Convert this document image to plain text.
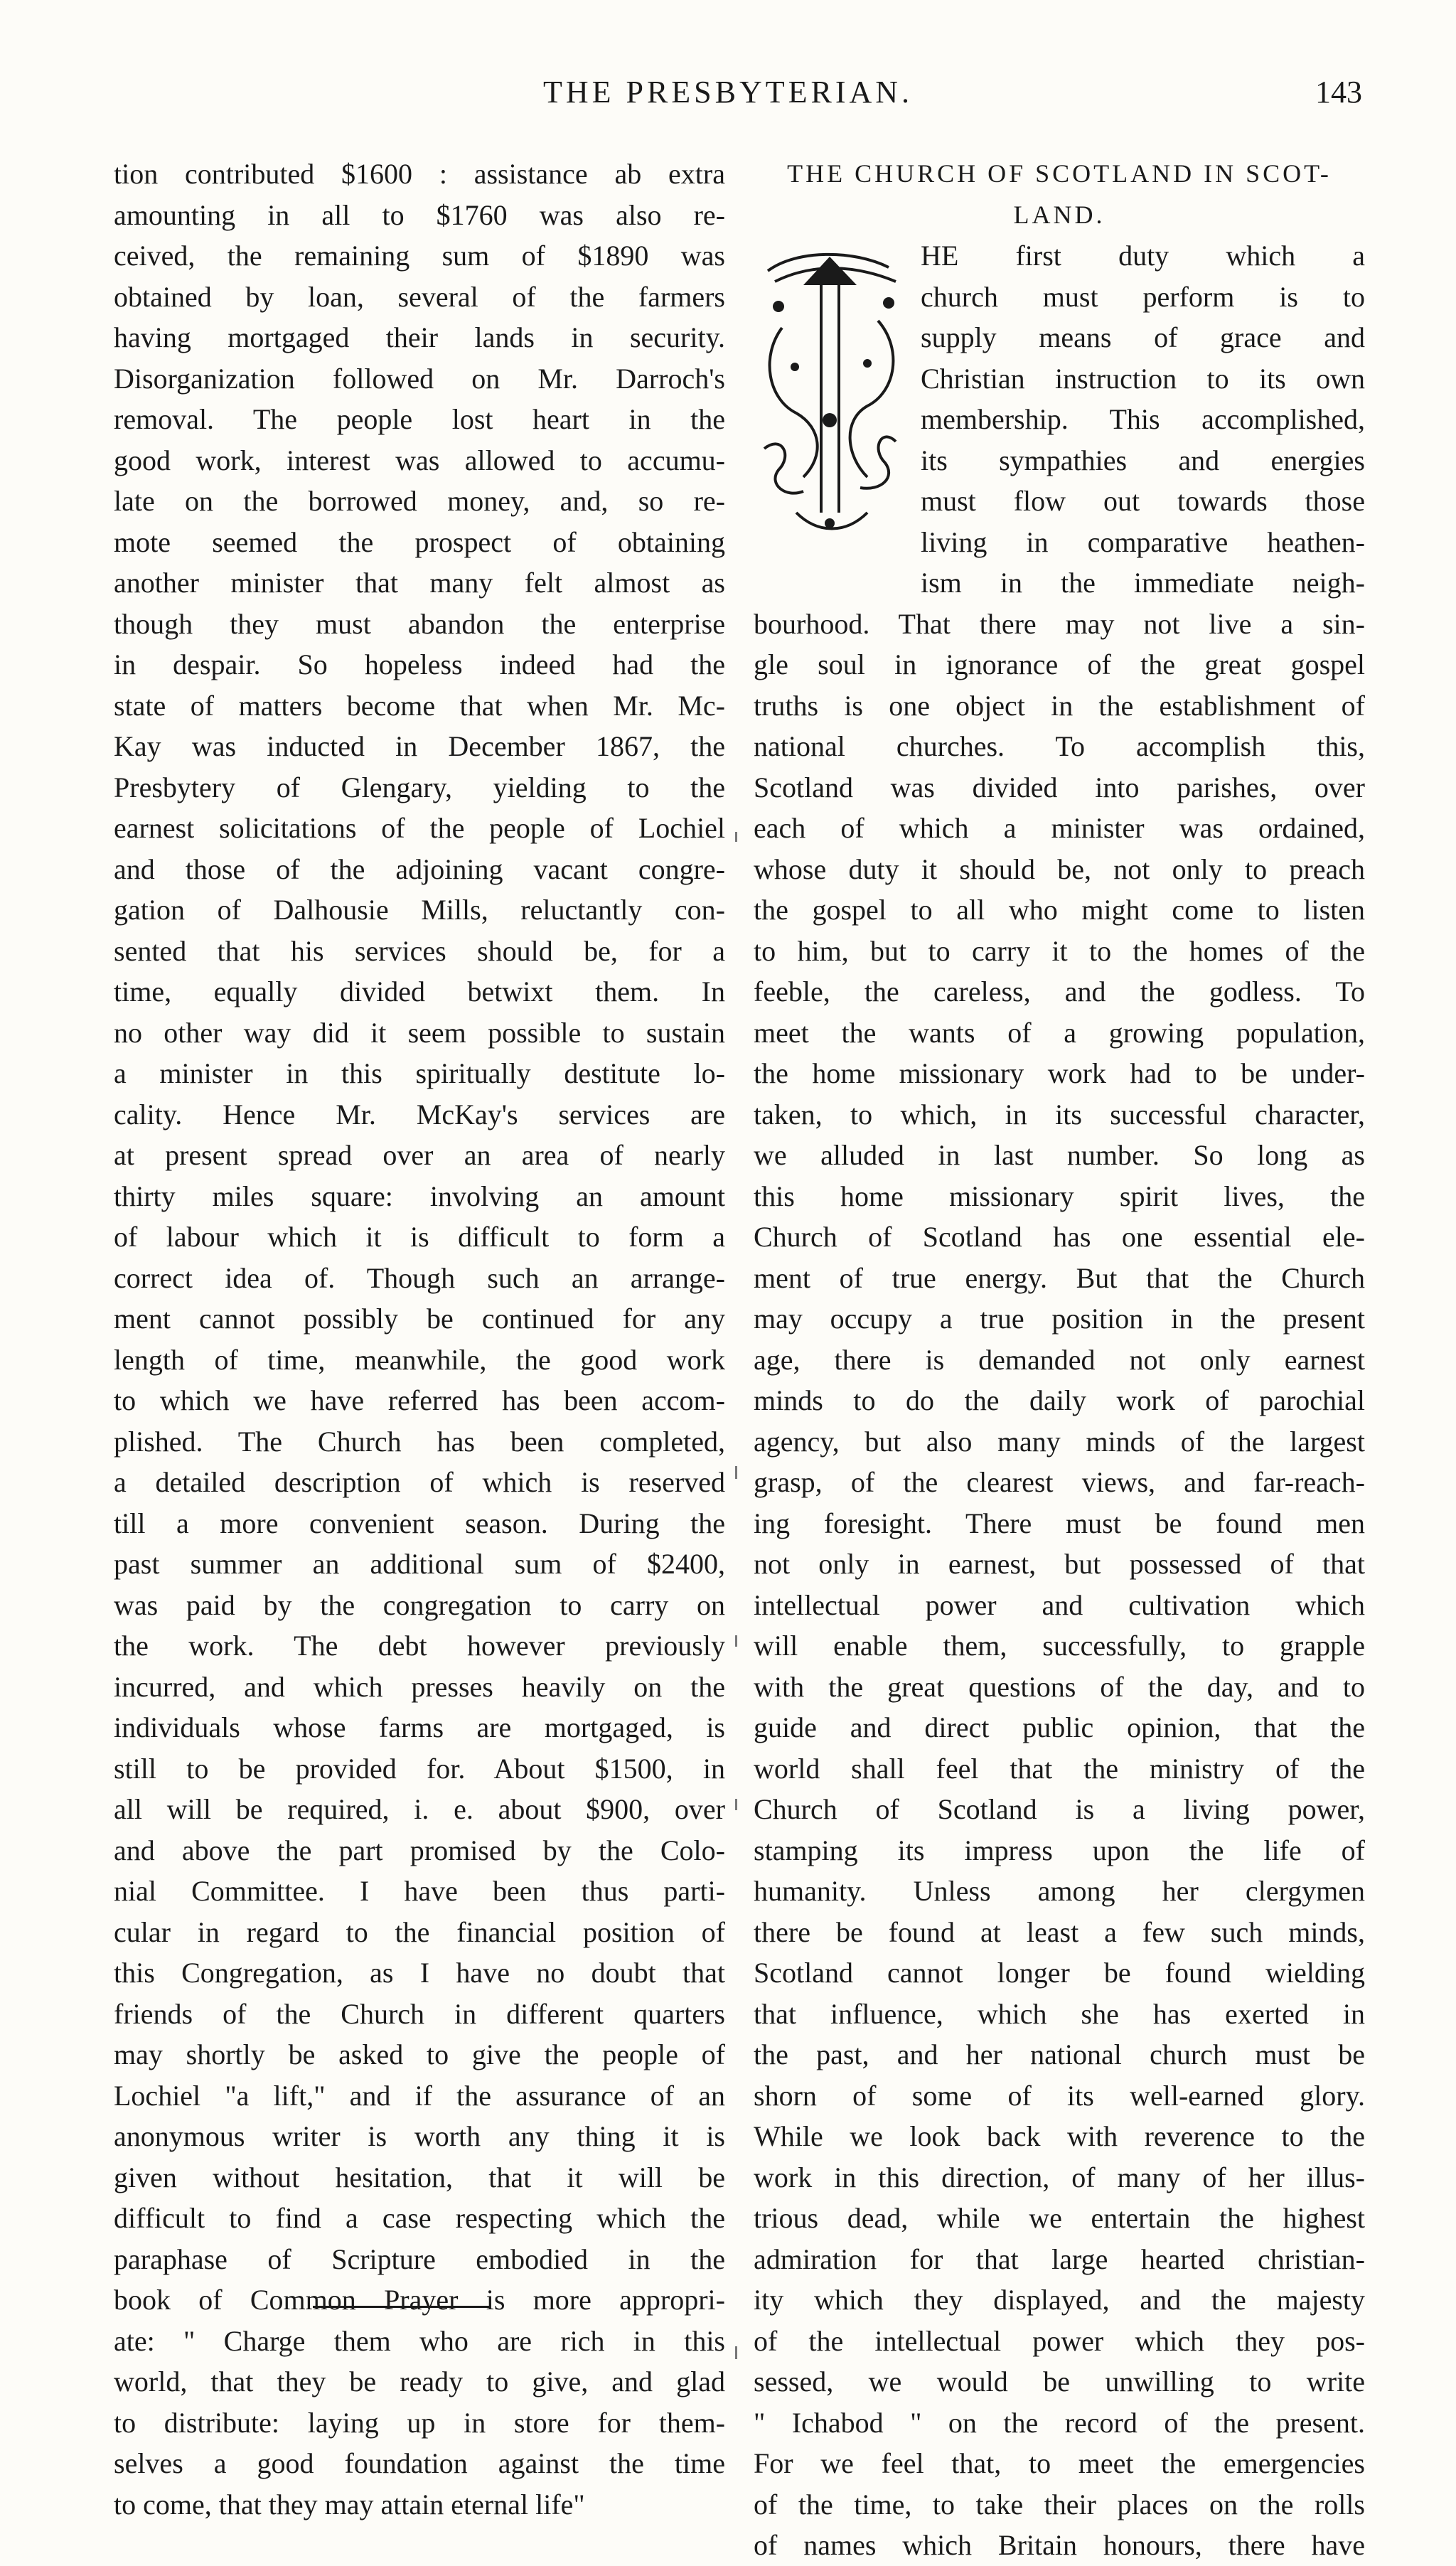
THE PRESBYTERIAN.	143
tion contributed $1600 : assistance ab extra
amounting in all to $1760 was also re-
ceived, the remaining sum of $1890 was
obtained by loan, several of the farmers
having mortgaged their lands in security.
Disorganization followed on Mr. Darroch's
removal. The people lost heart in the
good work, interest was allowed to accumu-
late on the borrowed money, and, so re-
mote seemed the prospect of obtaining
another minister that many felt almost as
though they must abandon the enterprise
in despair. So hopeless indeed had the
state of matters become that when Mr. Mc-
Kay was inducted in December 1867, the
Presbytery of Glengary, yielding to the
earnest solicitations of the people of Lochiel
and those of the adjoining vacant congre-
gation of Dalhousie Mills, reluctantly con-
sented that his services should be, for a
time, equally divided betwixt them. In
no other way did it seem possible to sustain
a minister in this spiritually destitute lo-
cality. Hence Mr. McKay's services are
at present spread over an area of nearly
thirty miles square: involving an amount
of labour which it is difficult to form a
correct idea of. Though such an arrange-
ment cannot possibly be continued for any
length of time, meanwhile, the good work
to which we have referred has been accom-
plished. The Church has been completed,
a detailed description of which is reserved
till a more convenient season. During the
past summer an additional sum of $2400,
was paid by the congregation to carry on
the work. The debt however previously
incurred, and which presses heavily on the
individuals whose farms are mortgaged, is
still to be provided for. About $1500, in
all will be required, i. e. about $900, over
and above the part promised by the Colo-
nial Committee. I have been thus parti-
cular in regard to the financial position of
this Congregation, as I have no doubt that
friends of the Church in different quarters
may shortly be asked to give the people of
Lochiel "a lift," and if the assurance of an
anonymous writer is worth any thing it is
given without hesitation, that it will be
difficult to find a case respecting which the
paraphase of Scripture embodied in the
book of Common Prayer is more appropri-
ate: " Charge them who are rich in this
world, that they be ready to give, and glad
to distribute: laying up in store for them-
selves a good foundation against the time
to come, that they may attain eternal life"
THE CHURCH OF SCOTLAND IN SCOT-
LAND.
HE first duty which a
church must perform is to
supply means of grace and
Christian instruction to its own
membership. This accomplished,
its sympathies and energies
must flow out towards those
living in comparative heathen-
ism in the immediate neigh-
bourhood. That there may not live a sin-
gle soul in ignorance of the great gospel
truths is one object in the establishment of
national churches. To accomplish this,
Scotland was divided into parishes, over
each of which a minister was ordained,
whose duty it should be, not only to preach
the gospel to all who might come to listen
to him, but to carry it to the homes of the
feeble, the careless, and the godless. To
meet the wants of a growing population,
the home missionary work had to be under-
taken, to which, in its successful character,
we alluded in last number. So long as
this home missionary spirit lives, the
Church of Scotland has one essential ele-
ment of true energy. But that the Church
may occupy a true position in the present
age, there is demanded not only earnest
minds to do the daily work of parochial
agency, but also many minds of the largest
grasp, of the clearest views, and far-reach-
ing foresight. There must be found men
not only in earnest, but possessed of that
intellectual power and cultivation which
will enable them, successfully, to grapple
with the great questions of the day, and to
guide and direct public opinion, that the
world shall feel that the ministry of the
Church of Scotland is a living power,
stamping its impress upon the life of
humanity. Unless among her clergymen
there be found at least a few such minds,
Scotland cannot longer be found wielding
that influence, which she has exerted in
the past, and her national church must be
shorn of some of its well-earned glory.
While we look back with reverence to the
work in this direction, of many of her illus-
trious dead, while we entertain the highest
admiration for that large hearted christian-
ity which they displayed, and the majesty
of the intellectual power which they pos-
sessed, we would be unwilling to write
" Ichabod " on the record of the present.
For we feel that, to meet the emergencies
of the time, to take their places on the rolls
of names which Britain honours, there have
